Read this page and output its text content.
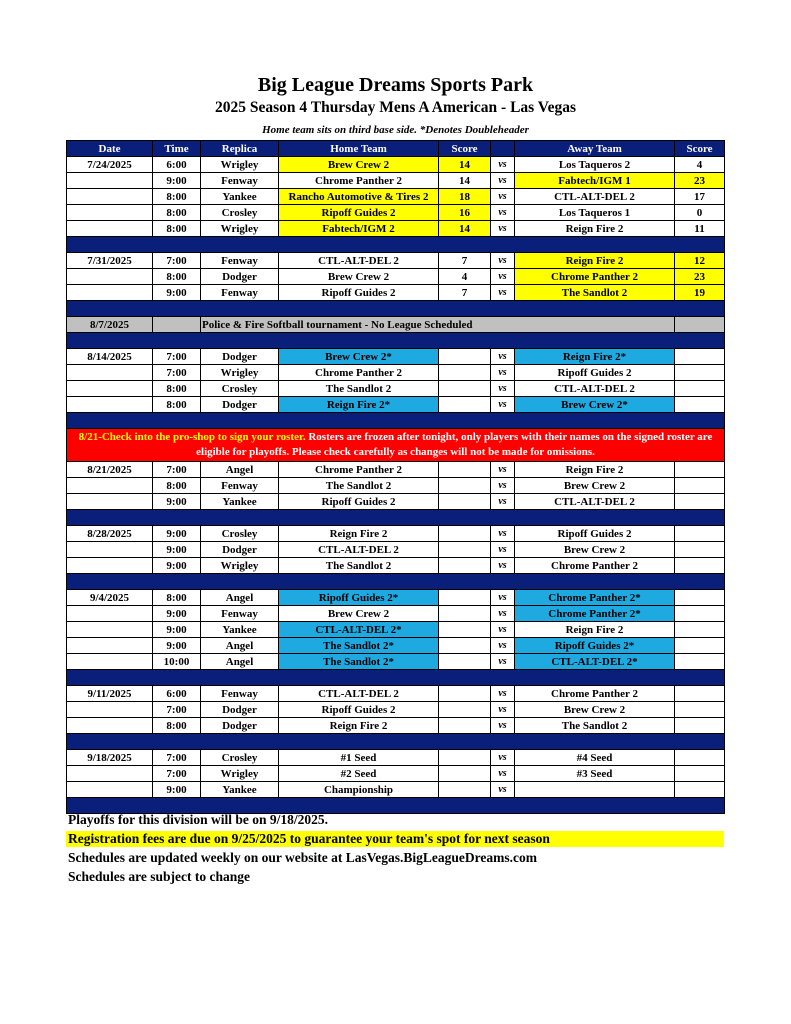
Big League Dreams Sports Park
2025 Season 4 Thursday Mens A American - Las Vegas
Home team sits on third base side. *Denotes Doubleheader
Date	Time	Replica	Home Team	Score		Away Team	Score
7/24/2025	6:00	Wrigley	Brew Crew 2	14	vs	Los Taqueros 2	4
	9:00	Fenway	Chrome Panther 2	14	vs	Fabtech/IGM 1	23
	8:00	Yankee	Rancho Automotive & Tires 2	18	vs	CTL-ALT-DEL 2	17
	8:00	Crosley	Ripoff Guides 2	16	vs	Los Taqueros 1	0
	8:00	Wrigley	Fabtech/IGM 2	14	vs	Reign Fire 2	11

7/31/2025	7:00	Fenway	CTL-ALT-DEL 2	7	vs	Reign Fire 2	12
	8:00	Dodger	Brew Crew 2	4	vs	Chrome Panther 2	23
	9:00	Fenway	Ripoff Guides 2	7	vs	The Sandlot 2	19

8/7/2025		Police & Fire Softball tournament - No League Scheduled					

8/14/2025	7:00	Dodger	Brew Crew 2*		vs	Reign Fire 2*	
	7:00	Wrigley	Chrome Panther 2		vs	Ripoff Guides 2	
	8:00	Crosley	The Sandlot 2		vs	CTL-ALT-DEL 2	
	8:00	Dodger	Reign Fire 2*		vs	Brew Crew 2*	

8/21-Check into the pro-shop to sign your roster. Rosters are frozen after tonight, only players with their names on the signed roster are eligible for playoffs. Please check carefully as changes will not be made for omissions.							
8/21/2025	7:00	Angel	Chrome Panther 2		vs	Reign Fire 2	
	8:00	Fenway	The Sandlot 2		vs	Brew Crew 2	
	9:00	Yankee	Ripoff Guides 2		vs	CTL-ALT-DEL 2	

8/28/2025	9:00	Crosley	Reign Fire 2		vs	Ripoff Guides 2	
	9:00	Dodger	CTL-ALT-DEL 2		vs	Brew Crew 2	
	9:00	Wrigley	The Sandlot 2		vs	Chrome Panther 2	

9/4/2025	8:00	Angel	Ripoff Guides 2*		vs	Chrome Panther 2*	
	9:00	Fenway	Brew Crew 2		vs	Chrome Panther 2*	
	9:00	Yankee	CTL-ALT-DEL 2*		vs	Reign Fire 2	
	9:00	Angel	The Sandlot 2*		vs	Ripoff Guides 2*	
	10:00	Angel	The Sandlot 2*		vs	CTL-ALT-DEL 2*	

9/11/2025	6:00	Fenway	CTL-ALT-DEL 2		vs	Chrome Panther 2	
	7:00	Dodger	Ripoff Guides 2		vs	Brew Crew 2	
	8:00	Dodger	Reign Fire 2		vs	The Sandlot 2	

9/18/2025	7:00	Crosley	#1 Seed		vs	#4 Seed	
	7:00	Wrigley	#2 Seed		vs	#3 Seed	
	9:00	Yankee	Championship		vs		

Playoffs for this division will be on 9/18/2025.
Registration fees are due on 9/25/2025 to guarantee your team's spot for next season
Schedules are updated weekly on our website at LasVegas.BigLeagueDreams.com
Schedules are subject to change
